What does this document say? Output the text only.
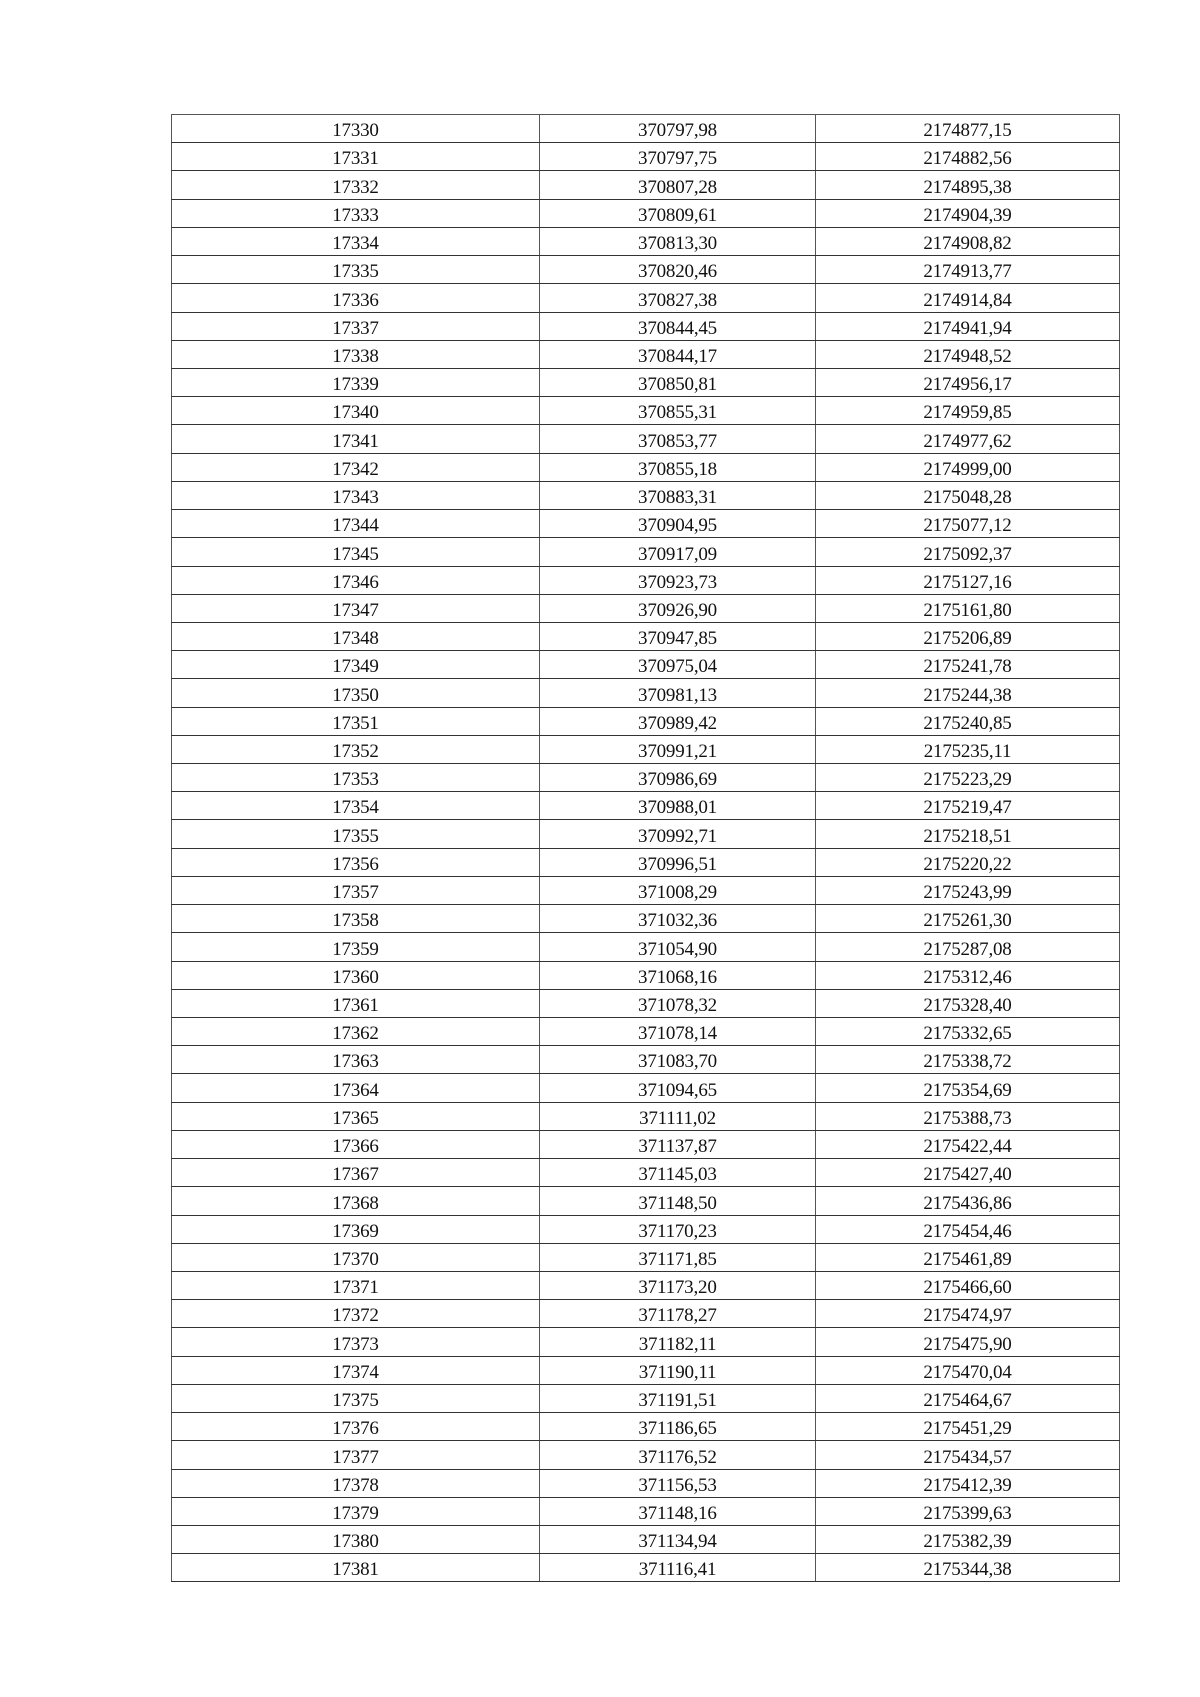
17330	370797,98	2174877,15
17331	370797,75	2174882,56
17332	370807,28	2174895,38
17333	370809,61	2174904,39
17334	370813,30	2174908,82
17335	370820,46	2174913,77
17336	370827,38	2174914,84
17337	370844,45	2174941,94
17338	370844,17	2174948,52
17339	370850,81	2174956,17
17340	370855,31	2174959,85
17341	370853,77	2174977,62
17342	370855,18	2174999,00
17343	370883,31	2175048,28
17344	370904,95	2175077,12
17345	370917,09	2175092,37
17346	370923,73	2175127,16
17347	370926,90	2175161,80
17348	370947,85	2175206,89
17349	370975,04	2175241,78
17350	370981,13	2175244,38
17351	370989,42	2175240,85
17352	370991,21	2175235,11
17353	370986,69	2175223,29
17354	370988,01	2175219,47
17355	370992,71	2175218,51
17356	370996,51	2175220,22
17357	371008,29	2175243,99
17358	371032,36	2175261,30
17359	371054,90	2175287,08
17360	371068,16	2175312,46
17361	371078,32	2175328,40
17362	371078,14	2175332,65
17363	371083,70	2175338,72
17364	371094,65	2175354,69
17365	371111,02	2175388,73
17366	371137,87	2175422,44
17367	371145,03	2175427,40
17368	371148,50	2175436,86
17369	371170,23	2175454,46
17370	371171,85	2175461,89
17371	371173,20	2175466,60
17372	371178,27	2175474,97
17373	371182,11	2175475,90
17374	371190,11	2175470,04
17375	371191,51	2175464,67
17376	371186,65	2175451,29
17377	371176,52	2175434,57
17378	371156,53	2175412,39
17379	371148,16	2175399,63
17380	371134,94	2175382,39
17381	371116,41	2175344,38
